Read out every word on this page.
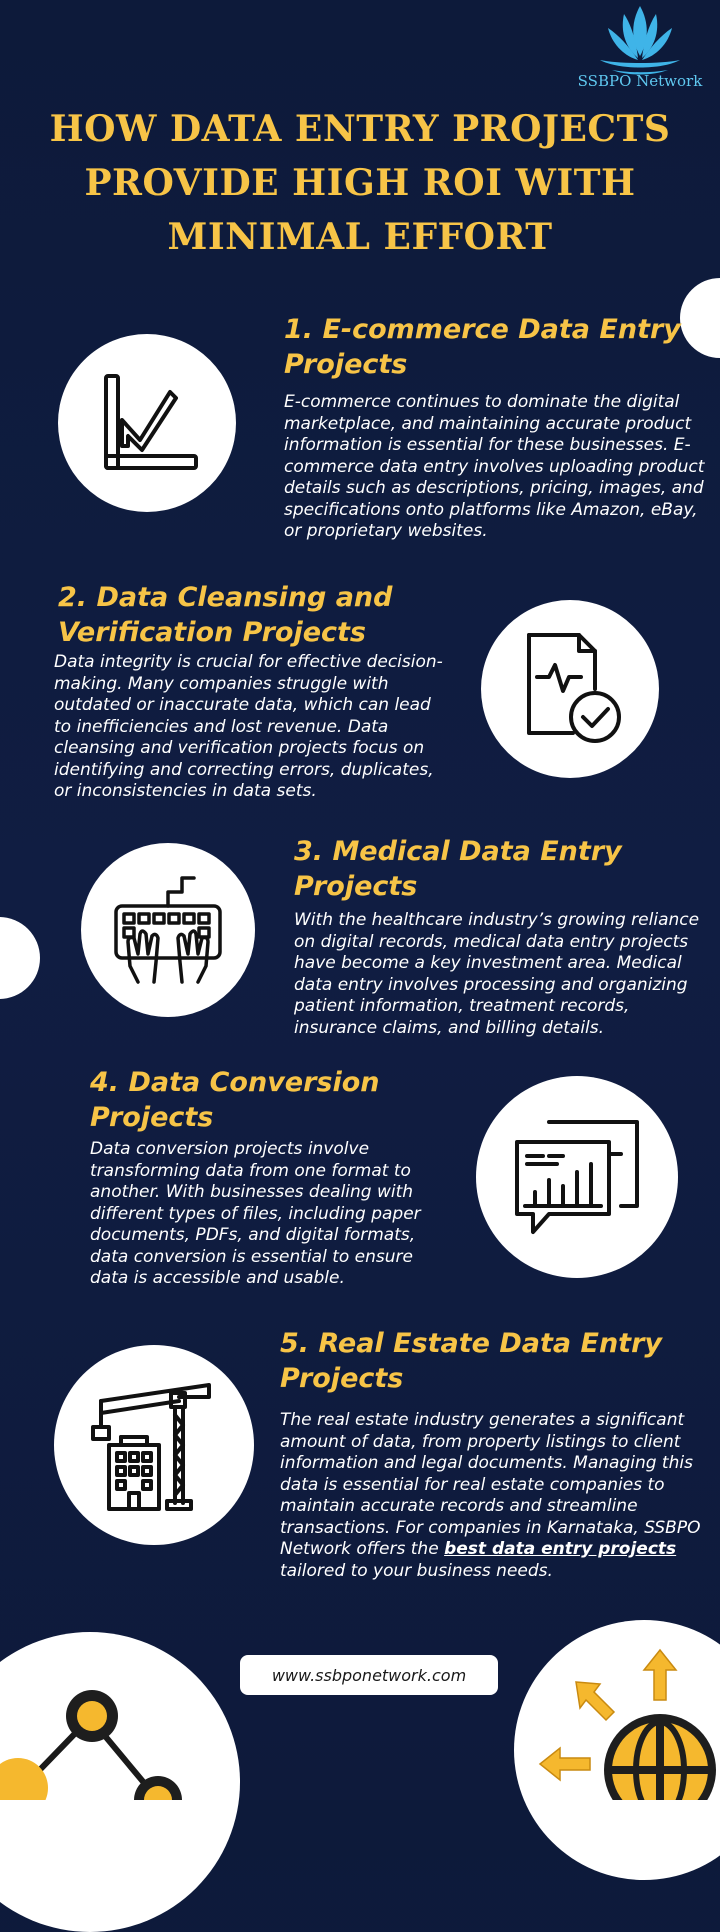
SSBPO Network
HOW DATA ENTRY PROJECTS
PROVIDE HIGH ROI WITH
MINIMAL EFFORT
1. E-commerce Data Entry
Projects
E-commerce continues to dominate the digital marketplace, and maintaining accurate product information is essential for these businesses. E-commerce data entry involves uploading product details such as descriptions, pricing, images, and specifications onto platforms like Amazon, eBay, or proprietary websites.
2. Data Cleansing and
Verification Projects
Data integrity is crucial for effective decision-making. Many companies struggle with outdated or inaccurate data, which can lead to inefficiencies and lost revenue. Data cleansing and verification projects focus on identifying and correcting errors, duplicates, or inconsistencies in data sets.
3. Medical Data Entry
Projects
With the healthcare industry’s growing reliance on digital records, medical data entry projects have become a key investment area. Medical data entry involves processing and organizing patient information, treatment records, insurance claims, and billing details.
4. Data Conversion
Projects
Data conversion projects involve transforming data from one format to another. With businesses dealing with different types of files, including paper documents, PDFs, and digital formats, data conversion is essential to ensure data is accessible and usable.
5. Real Estate Data Entry
Projects
The real estate industry generates a significant amount of data, from property listings to client information and legal documents. Managing this data is essential for real estate companies to maintain accurate records and streamline transactions. For companies in Karnataka, SSBPO Network offers the best data entry projects tailored to your business needs.
www.ssbponetwork.com
